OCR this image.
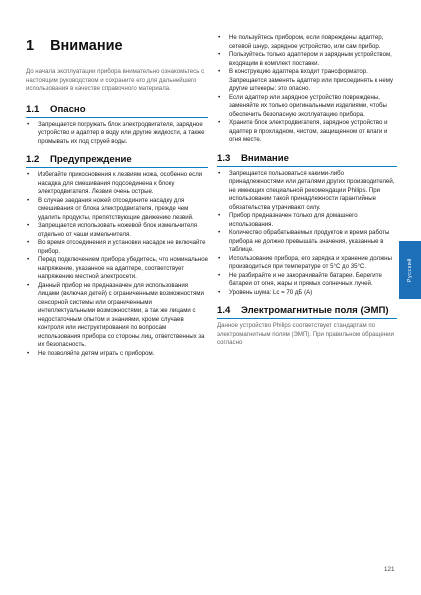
1 Внимание

До начала эксплуатации прибора внимательно ознакомьтесь с настоящим руководством и сохраните его для дальнейшего использования в качестве справочного материала.

1.1	Опасно
• Запрещается погружать блок электродвигателя, зарядное устройство и адаптер в воду или другие жидкости, а также промывать их под струей воды.
1.2	Предупреждение
• Избегайте прикосновения к лезвиям ножа, особенно если насадка для смешивания подсоединена к блоку электродвигателя. Лезвия очень острые.
• В случае заедания ножей отсоедините насадку для смешивания от блока электродвигателя, прежде чем удалить продукты, препятствующие движению лезвий.
• Запрещается использовать ножевой блок измельчителя отдельно от чаши измельчителя.
• Во время отсоединения и установки насадок не включайте прибор.
• Перед подключением прибора убедитесь, что номинальное напряжение, указанное на адаптере, соответствует напряжению местной электросети.
• Данный прибор не предназначен для использования лицами (включая детей) с ограниченными возможностями сенсорной системы или ограниченными интеллектуальными возможностями, а так же лицами с недостаточным опытом и знаниями, кроме случаев контроля или инструктирования по вопросам использования прибора со стороны лиц, ответственных за их безопасность.
• Не позволяйте детям играть с прибором.
• Не пользуйтесь прибором, если повреждены адаптер, сетевой шнур, зарядное устройство, или сам прибор.
• Пользуйтесь только адаптером и зарядным устройством, входящим в комплект поставки.
• В конструкцию адаптера входит трансформатор. Запрещается заменять адаптер или присоединять к нему другие штекеры: это опасно.
• Если адаптер или зарядное устройство повреждены, заменяйте их только оригинальными изделиями, чтобы обеспечить безопасную эксплуатацию прибора.
• Храните блок электродвигателя, зарядное устройство и адаптер в прохладном, чистом, защищенном от влаги и огня месте.
1.3	Внимание
• Запрещается пользоваться какими-либо принадлежностями или деталями других производителей, не имеющих специальной рекомендации Philips. При использовании такой принадлежности гарантийные обязательства утрачивают силу.
• Прибор предназначен только для домашнего использования.
• Количество обрабатываемых продуктов и время работы прибора не должно превышать значения, указанные в таблице.
• Использование прибора, его зарядка и хранение должны производиться при температуре от 5°C до 35°C.
• Не разбирайте и не закорачивайте батареи. Берегите батареи от огня, жары и прямых солнечных лучей.
• Уровень шума: Lc = 70 дБ (A)
1.4	Электромагнитные поля (ЭМП)

Данное устройство Philips соответствует стандартам по электромагнитным полям (ЭМП). При правильном обращении согласно

Русский
121
